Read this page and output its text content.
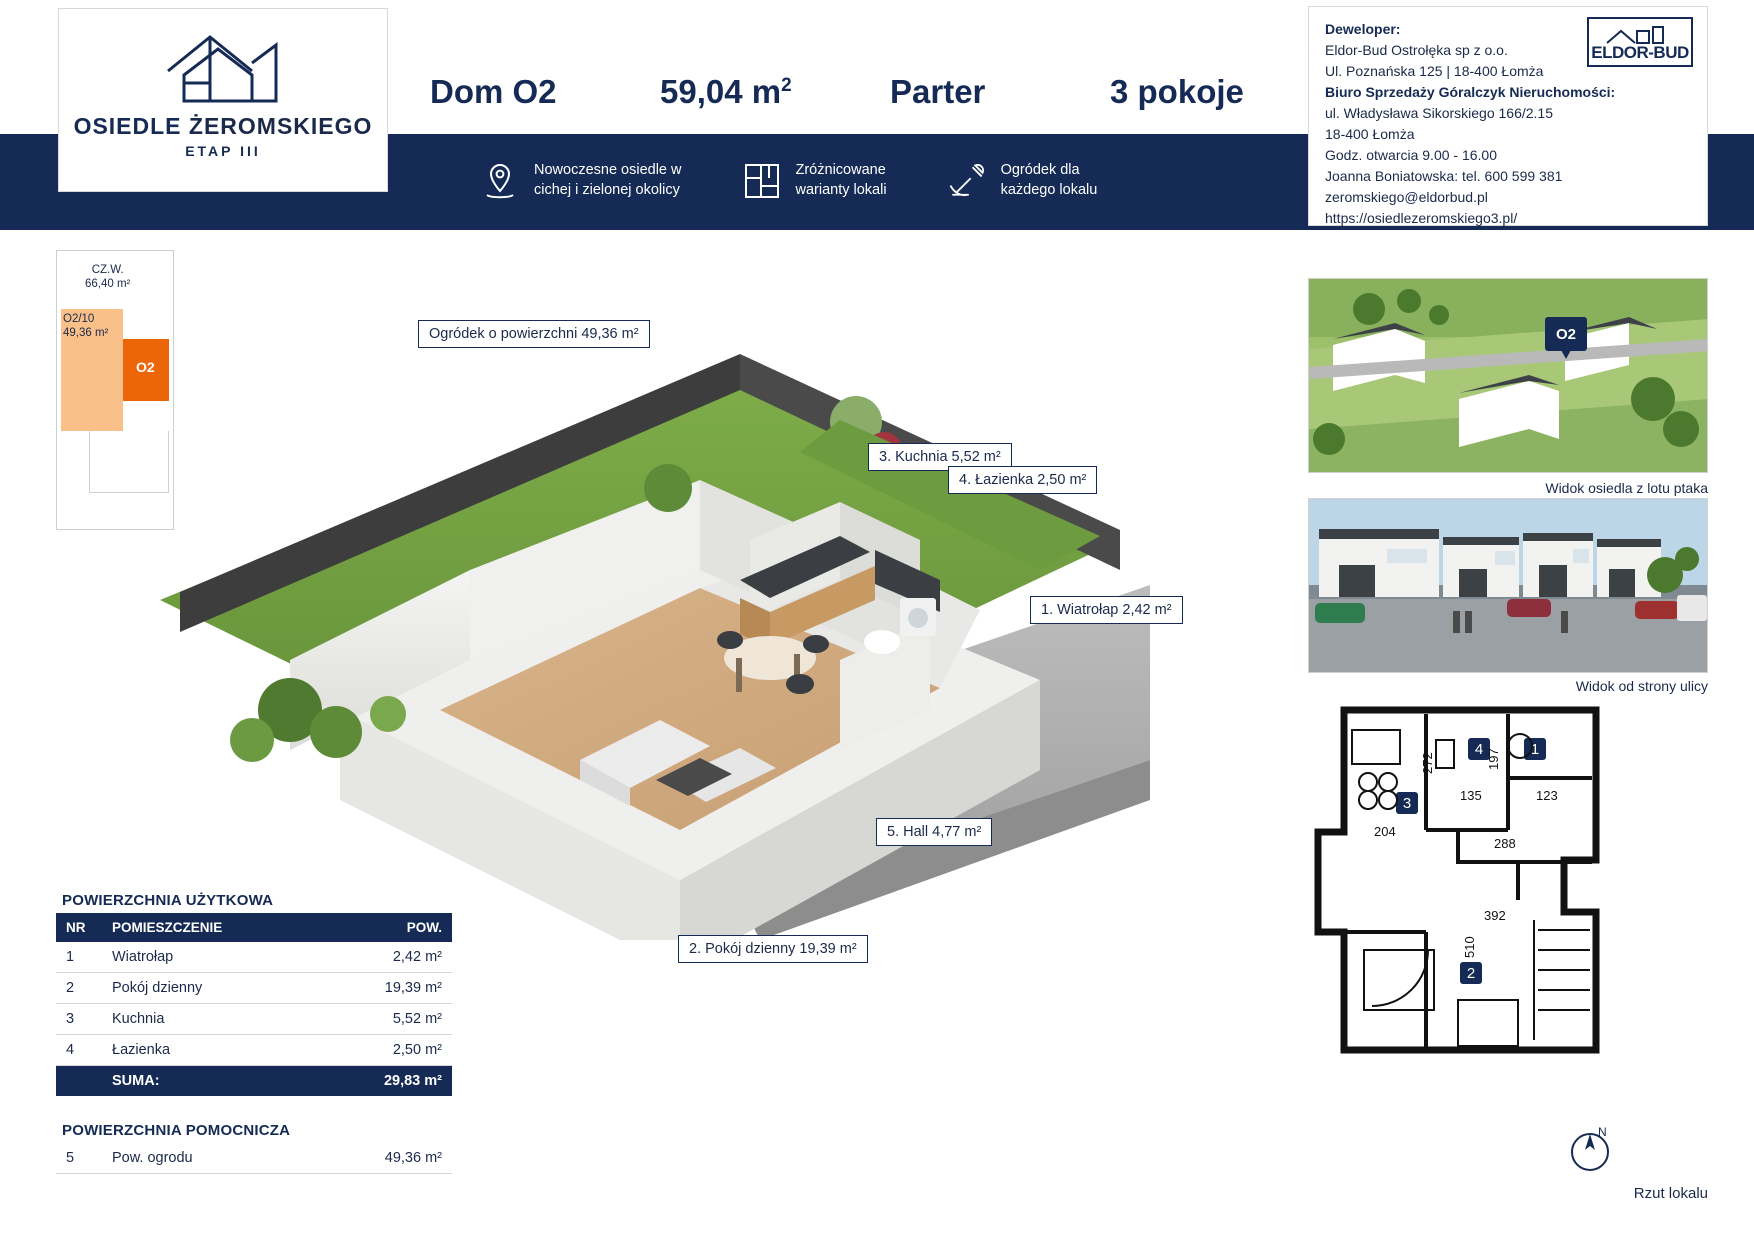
OSIEDLE ŻEROMSKIEGO
ETAP III
Dom O2	59,04 $m^2$	Parter	3 pokoje
Nowoczesne osiedle w
cichej i zielonej okolicy
Zróżnicowane
warianty lokali
Ogródek dla
każdego lokalu
ELDOR-BUD

Deweloper:

Eldor-Bud Ostrołęka sp z o.o.

Ul. Poznańska 125 | 18-400 Łomża

Biuro Sprzedaży Góralczyk Nieruchomości:

ul. Władysława Sikorskiego 166/2.15

18-400 Łomża

Godz. otwarcia 9.00 - 16.00

Joanna Boniatowska: tel. 600 599 381

zeromskiego@eldorbud.pl

https://osiedlezeromskiego3.pl/

CZ.W.
66,40 m²
O2/10
49,36 m²
O2
Ogródek o powierzchni 49,36 m²
3. Kuchnia 5,52 m²
4. Łazienka 2,50 m²
1. Wiatrołap 2,42 m²
5. Hall 4,77 m²
2. Pokój dzienny 19,39 m²
POWIERZCHNIA UŻYTKOWA
NR	POMIESZCZENIE	POW.
1	Wiatrołap	2,42 m²
2	Pokój dzienny	19,39 m²
3	Kuchnia	5,52 m²
4	Łazienka	2,50 m²
	SUMA:	29,83 m²
POWIERZCHNIA POMOCNICZA
5	Pow. ogrodu	49,36 m²
O2
Widok osiedla z lotu ptaka
Widok od strony ulicy
3
4	1
2
272	197
135	123
204
288
392
510
Rzut lokalu
N
